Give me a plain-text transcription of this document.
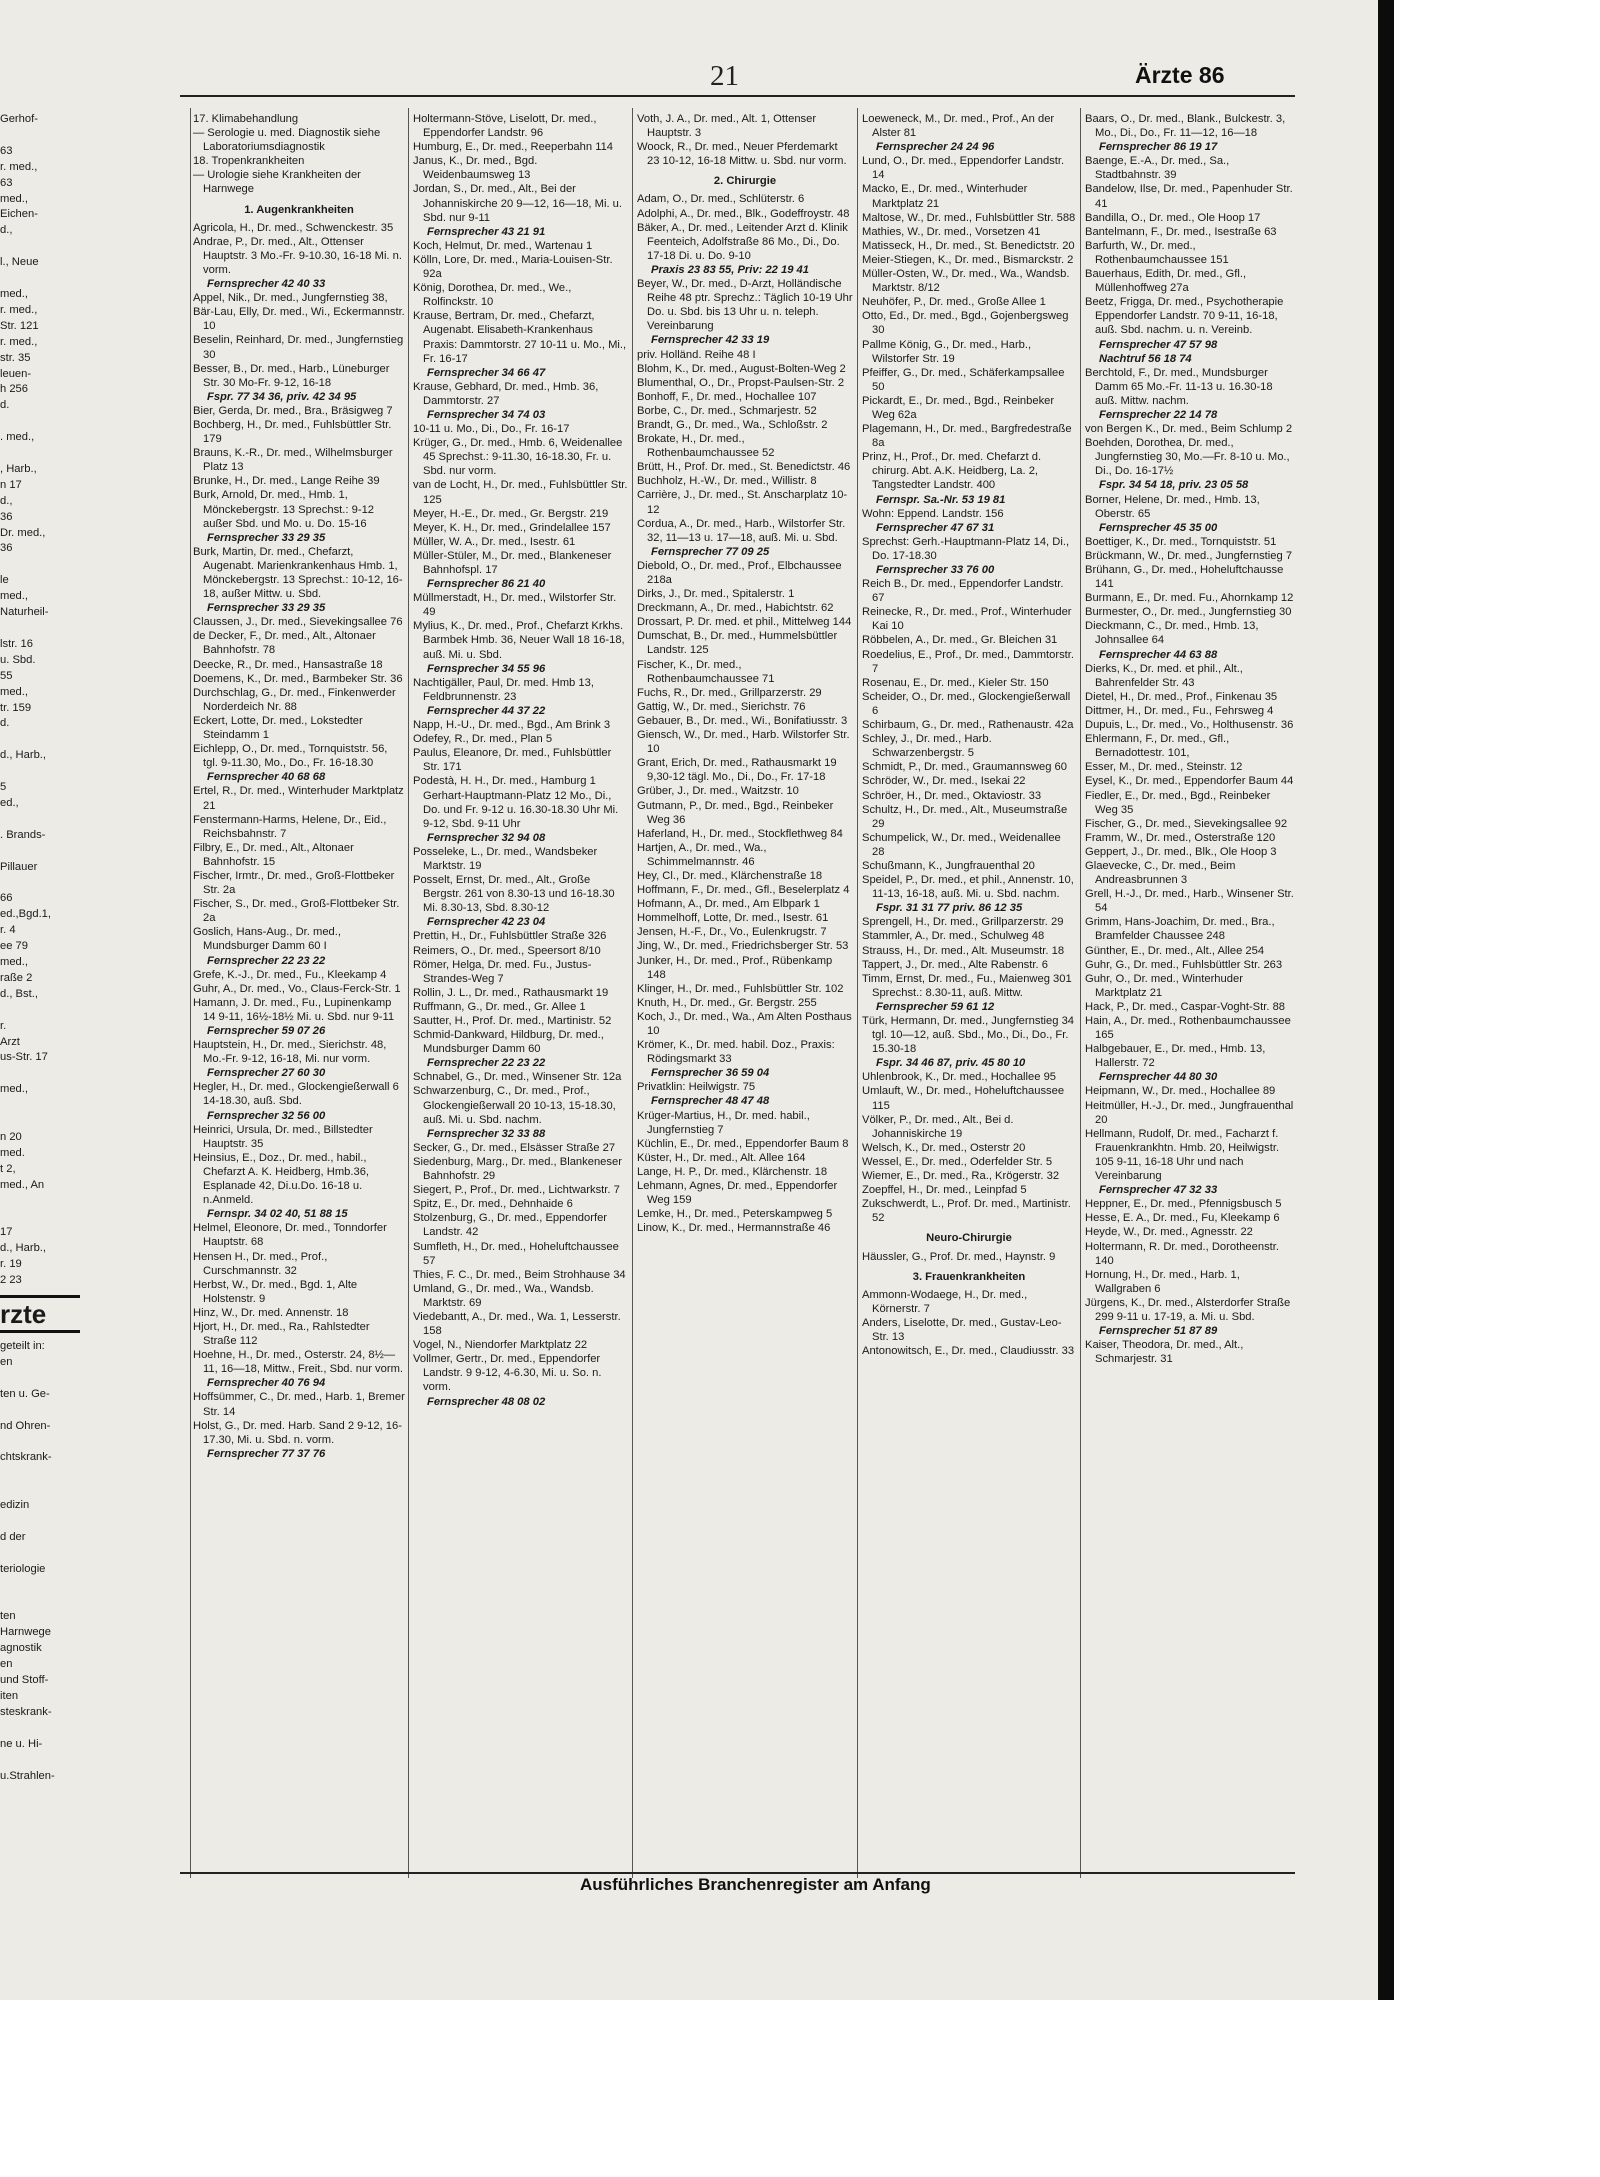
Gerhof-

63
r. med.,
63
med.,
Eichen-
d.,

l., Neue

med.,
r. med.,
Str. 121
r. med.,
str. 35
leuen-
h 256
d.

. med.,

, Harb.,
n 17
d.,
36
Dr. med.,
36

le
med.,
Naturheil-

lstr. 16
u. Sbd.
55
med.,
tr. 159
d.

d., Harb.,

5
ed.,

. Brands-

Pillauer

66
ed.,Bgd.1,
r. 4
ee 79
med.,
raße 2
d., Bst.,

r.
Arzt
us-Str. 17

med.,

n 20
med.
t 2,
med., An

17
d., Harb.,
r. 19
2 23
rzte
geteilt in:
en

ten u. Ge-

nd Ohren-

chtskrank-

edizin

d der

teriologie

ten
Harnwege
agnostik
en
und Stoff-
iten
steskrank-

ne u. Hi-

u.Strahlen-
21	Ärzte 86
17. Klimabehandlung
— Serologie u. med. Diagnostik siehe Laboratoriumsdiagnostik
18. Tropenkrankheiten
— Urologie siehe Krankheiten der Harnwege
1. Augenkrankheiten
Agricola, H., Dr. med., Schwenckestr. 35
Andrae, P., Dr. med., Alt., Ottenser Hauptstr. 3 Mo.-Fr. 9-10.30, 16-18 Mi. n. vorm.
Fernsprecher 42 40 33
Appel, Nik., Dr. med., Jungfernstieg 38,
Bär-Lau, Elly, Dr. med., Wi., Eckermannstr. 10
Beselin, Reinhard, Dr. med., Jungfernstieg 30
Besser, B., Dr. med., Harb., Lüneburger Str. 30 Mo-Fr. 9-12, 16-18
Fspr. 77 34 36, priv. 42 34 95
Bier, Gerda, Dr. med., Bra., Bräsigweg 7
Bochberg, H., Dr. med., Fuhlsbüttler Str. 179
Brauns, K.-R., Dr. med., Wilhelmsburger Platz 13
Brunke, H., Dr. med., Lange Reihe 39
Burk, Arnold, Dr. med., Hmb. 1, Mönckebergstr. 13 Sprechst.: 9-12 außer Sbd. und Mo. u. Do. 15-16
Fernsprecher 33 29 35
Burk, Martin, Dr. med., Chefarzt, Augenabt. Marienkrankenhaus Hmb. 1, Mönckebergstr. 13 Sprechst.: 10-12, 16-18, außer Mittw. u. Sbd.
Fernsprecher 33 29 35
Claussen, J., Dr. med., Sievekingsallee 76
de Decker, F., Dr. med., Alt., Altonaer Bahnhofstr. 78
Deecke, R., Dr. med., Hansastraße 18
Doemens, K., Dr. med., Barmbeker Str. 36
Durchschlag, G., Dr. med., Finkenwerder Norderdeich Nr. 88
Eckert, Lotte, Dr. med., Lokstedter Steindamm 1
Eichlepp, O., Dr. med., Tornquiststr. 56, tgl. 9-11.30, Mo., Do., Fr. 16-18.30
Fernsprecher 40 68 68
Ertel, R., Dr. med., Winterhuder Marktplatz 21
Fenstermann-Harms, Helene, Dr., Eid., Reichsbahnstr. 7
Filbry, E., Dr. med., Alt., Altonaer Bahnhofstr. 15
Fischer, Irmtr., Dr. med., Groß-Flottbeker Str. 2a
Fischer, S., Dr. med., Groß-Flottbeker Str. 2a
Goslich, Hans-Aug., Dr. med., Mundsburger Damm 60 I
Fernsprecher 22 23 22
Grefe, K.-J., Dr. med., Fu., Kleekamp 4
Guhr, A., Dr. med., Vo., Claus-Ferck-Str. 1
Hamann, J. Dr. med., Fu., Lupinenkamp 14 9-11, 16½-18½ Mi. u. Sbd. nur 9-11
Fernsprecher 59 07 26
Hauptstein, H., Dr. med., Sierichstr. 48, Mo.-Fr. 9-12, 16-18, Mi. nur vorm.
Fernsprecher 27 60 30
Hegler, H., Dr. med., Glockengießerwall 6 14-18.30, auß. Sbd.
Fernsprecher 32 56 00
Heinrici, Ursula, Dr. med., Billstedter Hauptstr. 35
Heinsius, E., Doz., Dr. med., habil., Chefarzt A. K. Heidberg, Hmb.36, Esplanade 42, Di.u.Do. 16-18 u. n.Anmeld.
Fernspr. 34 02 40, 51 88 15
Helmel, Eleonore, Dr. med., Tonndorfer Hauptstr. 68
Hensen H., Dr. med., Prof., Curschmannstr. 32
Herbst, W., Dr. med., Bgd. 1, Alte Holstenstr. 9
Hinz, W., Dr. med. Annenstr. 18
Hjort, H., Dr. med., Ra., Rahlstedter Straße 112
Hoehne, H., Dr. med., Osterstr. 24, 8½—11, 16—18, Mittw., Freit., Sbd. nur vorm.
Fernsprecher 40 76 94
Hoffsümmer, C., Dr. med., Harb. 1, Bremer Str. 14
Holst, G., Dr. med. Harb. Sand 2 9-12, 16-17.30, Mi. u. Sbd. n. vorm.
Fernsprecher 77 37 76
Holtermann-Stöve, Liselott, Dr. med., Eppendorfer Landstr. 96
Humburg, E., Dr. med., Reeperbahn 114
Janus, K., Dr. med., Bgd. Weidenbaumsweg 13
Jordan, S., Dr. med., Alt., Bei der Johanniskirche 20 9—12, 16—18, Mi. u. Sbd. nur 9-11
Fernsprecher 43 21 91
Koch, Helmut, Dr. med., Wartenau 1
Kölln, Lore, Dr. med., Maria-Louisen-Str. 92a
König, Dorothea, Dr. med., We., Rolfinckstr. 10
Krause, Bertram, Dr. med., Chefarzt, Augenabt. Elisabeth-Krankenhaus Praxis: Dammtorstr. 27 10-11 u. Mo., Mi., Fr. 16-17
Fernsprecher 34 66 47
Krause, Gebhard, Dr. med., Hmb. 36, Dammtorstr. 27
Fernsprecher 34 74 03
10-11 u. Mo., Di., Do., Fr. 16-17
Krüger, G., Dr. med., Hmb. 6, Weidenallee 45 Sprechst.: 9-11.30, 16-18.30, Fr. u. Sbd. nur vorm.
van de Locht, H., Dr. med., Fuhlsbüttler Str. 125
Meyer, H.-E., Dr. med., Gr. Bergstr. 219
Meyer, K. H., Dr. med., Grindelallee 157
Müller, W. A., Dr. med., Isestr. 61
Müller-Stüler, M., Dr. med., Blankeneser Bahnhofspl. 17
Fernsprecher 86 21 40
Müllmerstadt, H., Dr. med., Wilstorfer Str. 49
Mylius, K., Dr. med., Prof., Chefarzt Krkhs. Barmbek Hmb. 36, Neuer Wall 18 16-18, auß. Mi. u. Sbd.
Fernsprecher 34 55 96
Nachtigäller, Paul, Dr. med. Hmb 13, Feldbrunnenstr. 23
Fernsprecher 44 37 22
Napp, H.-U., Dr. med., Bgd., Am Brink 3
Odefey, R., Dr. med., Plan 5
Paulus, Eleanore, Dr. med., Fuhlsbüttler Str. 171
Podestà, H. H., Dr. med., Hamburg 1 Gerhart-Hauptmann-Platz 12 Mo., Di., Do. und Fr. 9-12 u. 16.30-18.30 Uhr Mi. 9-12, Sbd. 9-11 Uhr
Fernsprecher 32 94 08
Posseleke, L., Dr. med., Wandsbeker Marktstr. 19
Posselt, Ernst, Dr. med., Alt., Große Bergstr. 261 von 8.30-13 und 16-18.30 Mi. 8.30-13, Sbd. 8.30-12
Fernsprecher 42 23 04
Prettin, H., Dr., Fuhlsbüttler Straße 326
Reimers, O., Dr. med., Speersort 8/10
Römer, Helga, Dr. med. Fu., Justus-Strandes-Weg 7
Rollin, J. L., Dr. med., Rathausmarkt 19
Ruffmann, G., Dr. med., Gr. Allee 1
Sautter, H., Prof. Dr. med., Martinistr. 52
Schmid-Dankward, Hildburg, Dr. med., Mundsburger Damm 60
Fernsprecher 22 23 22
Schnabel, G., Dr. med., Winsener Str. 12a
Schwarzenburg, C., Dr. med., Prof., Glockengießerwall 20 10-13, 15-18.30, auß. Mi. u. Sbd. nachm.
Fernsprecher 32 33 88
Secker, G., Dr. med., Elsässer Straße 27
Siedenburg, Marg., Dr. med., Blankeneser Bahnhofstr. 29
Siegert, P., Prof., Dr. med., Lichtwarkstr. 7
Spitz, E., Dr. med., Dehnhaide 6
Stolzenburg, G., Dr. med., Eppendorfer Landstr. 42
Sumfleth, H., Dr. med., Hoheluftchaussee 57
Thies, F. C., Dr. med., Beim Strohhause 34
Umland, G., Dr. med., Wa., Wandsb. Marktstr. 69
Viedebantt, A., Dr. med., Wa. 1, Lesserstr. 158
Vogel, N., Niendorfer Marktplatz 22
Vollmer, Gertr., Dr. med., Eppendorfer Landstr. 9 9-12, 4-6.30, Mi. u. So. n. vorm.
Fernsprecher 48 08 02
Voth, J. A., Dr. med., Alt. 1, Ottenser Hauptstr. 3
Woock, R., Dr. med., Neuer Pferdemarkt 23 10-12, 16-18 Mittw. u. Sbd. nur vorm.
2. Chirurgie
Adam, O., Dr. med., Schlüterstr. 6
Adolphi, A., Dr. med., Blk., Godeffroystr. 48
Bäker, A., Dr. med., Leitender Arzt d. Klinik Feenteich, Adolfstraße 86 Mo., Di., Do. 17-18 Di. u. Do. 9-10
Praxis 23 83 55, Priv: 22 19 41
Beyer, W., Dr. med., D-Arzt, Holländische Reihe 48 ptr. Sprechz.: Täglich 10-19 Uhr Do. u. Sbd. bis 13 Uhr u. n. teleph. Vereinbarung
Fernsprecher 42 33 19
priv. Holländ. Reihe 48 I
Blohm, K., Dr. med., August-Bolten-Weg 2
Blumenthal, O., Dr., Propst-Paulsen-Str. 2
Bonhoff, F., Dr. med., Hochallee 107
Borbe, C., Dr. med., Schmarjestr. 52
Brandt, G., Dr. med., Wa., Schloßstr. 2
Brokate, H., Dr. med., Rothenbaumchaussee 52
Brütt, H., Prof. Dr. med., St. Benedictstr. 46
Buchholz, H.-W., Dr. med., Willistr. 8
Carrière, J., Dr. med., St. Anscharplatz 10-12
Cordua, A., Dr. med., Harb., Wilstorfer Str. 32, 11—13 u. 17—18, auß. Mi. u. Sbd.
Fernsprecher 77 09 25
Diebold, O., Dr. med., Prof., Elbchaussee 218a
Dirks, J., Dr. med., Spitalerstr. 1
Dreckmann, A., Dr. med., Habichtstr. 62
Drossart, P. Dr. med. et phil., Mittelweg 144
Dumschat, B., Dr. med., Hummelsbüttler Landstr. 125
Fischer, K., Dr. med., Rothenbaumchaussee 71
Fuchs, R., Dr. med., Grillparzerstr. 29
Gattig, W., Dr. med., Sierichstr. 76
Gebauer, B., Dr. med., Wi., Bonifatiusstr. 3
Giensch, W., Dr. med., Harb. Wilstorfer Str. 10
Grant, Erich, Dr. med., Rathausmarkt 19 9,30-12 tägl. Mo., Di., Do., Fr. 17-18
Grüber, J., Dr. med., Waitzstr. 10
Gutmann, P., Dr. med., Bgd., Reinbeker Weg 36
Haferland, H., Dr. med., Stockflethweg 84
Hartjen, A., Dr. med., Wa., Schimmelmannstr. 46
Hey, Cl., Dr. med., Klärchenstraße 18
Hoffmann, F., Dr. med., Gfl., Beselerplatz 4
Hofmann, A., Dr. med., Am Elbpark 1
Hommelhoff, Lotte, Dr. med., Isestr. 61
Jensen, H.-F., Dr., Vo., Eulenkrugstr. 7
Jing, W., Dr. med., Friedrichsberger Str. 53
Junker, H., Dr. med., Prof., Rübenkamp 148
Klinger, H., Dr. med., Fuhlsbüttler Str. 102
Knuth, H., Dr. med., Gr. Bergstr. 255
Koch, J., Dr. med., Wa., Am Alten Posthaus 10
Krömer, K., Dr. med. habil. Doz., Praxis: Rödingsmarkt 33
Fernsprecher 36 59 04
Privatklin: Heilwigstr. 75
Fernsprecher 48 47 48
Krüger-Martius, H., Dr. med. habil., Jungfernstieg 7
Küchlin, E., Dr. med., Eppendorfer Baum 8
Küster, H., Dr. med., Alt. Allee 164
Lange, H. P., Dr. med., Klärchenstr. 18
Lehmann, Agnes, Dr. med., Eppendorfer Weg 159
Lemke, H., Dr. med., Peterskampweg 5
Linow, K., Dr. med., Hermannstraße 46
Loeweneck, M., Dr. med., Prof., An der Alster 81
Fernsprecher 24 24 96
Lund, O., Dr. med., Eppendorfer Landstr. 14
Macko, E., Dr. med., Winterhuder Marktplatz 21
Maltose, W., Dr. med., Fuhlsbüttler Str. 588
Mathies, W., Dr. med., Vorsetzen 41
Matisseck, H., Dr. med., St. Benedictstr. 20
Meier-Stiegen, K., Dr. med., Bismarckstr. 2
Müller-Osten, W., Dr. med., Wa., Wandsb. Marktstr. 8/12
Neuhöfer, P., Dr. med., Große Allee 1
Otto, Ed., Dr. med., Bgd., Gojenbergsweg 30
Pallme König, G., Dr. med., Harb., Wilstorfer Str. 19
Pfeiffer, G., Dr. med., Schäferkampsallee 50
Pickardt, E., Dr. med., Bgd., Reinbeker Weg 62a
Plagemann, H., Dr. med., Bargfredestraße 8a
Prinz, H., Prof., Dr. med. Chefarzt d. chirurg. Abt. A.K. Heidberg, La. 2, Tangstedter Landstr. 400
Fernspr. Sa.-Nr. 53 19 81
Wohn: Eppend. Landstr. 156
Fernsprecher 47 67 31
Sprechst: Gerh.-Hauptmann-Platz 14, Di., Do. 17-18.30
Fernsprecher 33 76 00
Reich B., Dr. med., Eppendorfer Landstr. 67
Reinecke, R., Dr. med., Prof., Winterhuder Kai 10
Röbbelen, A., Dr. med., Gr. Bleichen 31
Roedelius, E., Prof., Dr. med., Dammtorstr. 7
Rosenau, E., Dr. med., Kieler Str. 150
Scheider, O., Dr. med., Glockengießerwall 6
Schirbaum, G., Dr. med., Rathenaustr. 42a
Schley, J., Dr. med., Harb. Schwarzenbergstr. 5
Schmidt, P., Dr. med., Graumannsweg 60
Schröder, W., Dr. med., Isekai 22
Schröer, H., Dr. med., Oktaviostr. 33
Schultz, H., Dr. med., Alt., Museumstraße 29
Schumpelick, W., Dr. med., Weidenallee 28
Schußmann, K., Jungfrauenthal 20
Speidel, P., Dr. med., et phil., Annenstr. 10, 11-13, 16-18, auß. Mi. u. Sbd. nachm.
Fspr. 31 31 77 priv. 86 12 35
Sprengell, H., Dr. med., Grillparzerstr. 29
Stammler, A., Dr. med., Schulweg 48
Strauss, H., Dr. med., Alt. Museumstr. 18
Tappert, J., Dr. med., Alte Rabenstr. 6
Timm, Ernst, Dr. med., Fu., Maienweg 301 Sprechst.: 8.30-11, auß. Mittw.
Fernsprecher 59 61 12
Türk, Hermann, Dr. med., Jungfernstieg 34 tgl. 10—12, auß. Sbd., Mo., Di., Do., Fr. 15.30-18
Fspr. 34 46 87, priv. 45 80 10
Uhlenbrook, K., Dr. med., Hochallee 95
Umlauft, W., Dr. med., Hoheluftchaussee 115
Völker, P., Dr. med., Alt., Bei d. Johanniskirche 19
Welsch, K., Dr. med., Osterstr 20
Wessel, E., Dr. med., Oderfelder Str. 5
Wiemer, E., Dr. med., Ra., Krögerstr. 32
Zoepffel, H., Dr. med., Leinpfad 5
Zukschwerdt, L., Prof. Dr. med., Martinistr. 52
Neuro-Chirurgie
Häussler, G., Prof. Dr. med., Haynstr. 9
3. Frauenkrankheiten
Ammonn-Wodaege, H., Dr. med., Körnerstr. 7
Anders, Liselotte, Dr. med., Gustav-Leo-Str. 13
Antonowitsch, E., Dr. med., Claudiusstr. 33
Baars, O., Dr. med., Blank., Bulckestr. 3, Mo., Di., Do., Fr. 11—12, 16—18
Fernsprecher 86 19 17
Baenge, E.-A., Dr. med., Sa., Stadtbahnstr. 39
Bandelow, Ilse, Dr. med., Papenhuder Str. 41
Bandilla, O., Dr. med., Ole Hoop 17
Bantelmann, F., Dr. med., Isestraße 63
Barfurth, W., Dr. med., Rothenbaumchaussee 151
Bauerhaus, Edith, Dr. med., Gfl., Müllenhoffweg 27a
Beetz, Frigga, Dr. med., Psychotherapie Eppendorfer Landstr. 70 9-11, 16-18, auß. Sbd. nachm. u. n. Vereinb.
Fernsprecher 47 57 98
Nachtruf 56 18 74
Berchtold, F., Dr. med., Mundsburger Damm 65 Mo.-Fr. 11-13 u. 16.30-18 auß. Mittw. nachm.
Fernsprecher 22 14 78
von Bergen K., Dr. med., Beim Schlump 2
Boehden, Dorothea, Dr. med., Jungfernstieg 30, Mo.—Fr. 8-10 u. Mo., Di., Do. 16-17½
Fspr. 34 54 18, priv. 23 05 58
Borner, Helene, Dr. med., Hmb. 13, Oberstr. 65
Fernsprecher 45 35 00
Boettiger, K., Dr. med., Tornquiststr. 51
Brückmann, W., Dr. med., Jungfernstieg 7
Brühann, G., Dr. med., Hoheluftchausse 141
Burmann, E., Dr. med. Fu., Ahornkamp 12
Burmester, O., Dr. med., Jungfernstieg 30
Dieckmann, C., Dr. med., Hmb. 13, Johnsallee 64
Fernsprecher 44 63 88
Dierks, K., Dr. med. et phil., Alt., Bahrenfelder Str. 43
Dietel, H., Dr. med., Prof., Finkenau 35
Dittmer, H., Dr. med., Fu., Fehrsweg 4
Dupuis, L., Dr. med., Vo., Holthusenstr. 36
Ehlermann, F., Dr. med., Gfl., Bernadottestr. 101,
Esser, M., Dr. med., Steinstr. 12
Eysel, K., Dr. med., Eppendorfer Baum 44
Fiedler, E., Dr. med., Bgd., Reinbeker Weg 35
Fischer, G., Dr. med., Sievekingsallee 92
Framm, W., Dr. med., Osterstraße 120
Geppert, J., Dr. med., Blk., Ole Hoop 3
Glaevecke, C., Dr. med., Beim Andreasbrunnen 3
Grell, H.-J., Dr. med., Harb., Winsener Str. 54
Grimm, Hans-Joachim, Dr. med., Bra., Bramfelder Chaussee 248
Günther, E., Dr. med., Alt., Allee 254
Guhr, G., Dr. med., Fuhlsbüttler Str. 263
Guhr, O., Dr. med., Winterhuder Marktplatz 21
Hack, P., Dr. med., Caspar-Voght-Str. 88
Hain, A., Dr. med., Rothenbaumchaussee 165
Halbgebauer, E., Dr. med., Hmb. 13, Hallerstr. 72
Fernsprecher 44 80 30
Heipmann, W., Dr. med., Hochallee 89
Heitmüller, H.-J., Dr. med., Jungfrauenthal 20
Hellmann, Rudolf, Dr. med., Facharzt f. Frauenkrankhtn. Hmb. 20, Heilwigstr. 105 9-11, 16-18 Uhr und nach Vereinbarung
Fernsprecher 47 32 33
Heppner, E., Dr. med., Pfennigsbusch 5
Hesse, E. A., Dr. med., Fu, Kleekamp 6
Heyde, W., Dr. med., Agnesstr. 22
Holtermann, R. Dr. med., Dorotheenstr. 140
Hornung, H., Dr. med., Harb. 1, Wallgraben 6
Jürgens, K., Dr. med., Alsterdorfer Straße 299 9-11 u. 17-19, a. Mi. u. Sbd.
Fernsprecher 51 87 89
Kaiser, Theodora, Dr. med., Alt., Schmarjestr. 31
Ausführliches Branchenregister am Anfang
